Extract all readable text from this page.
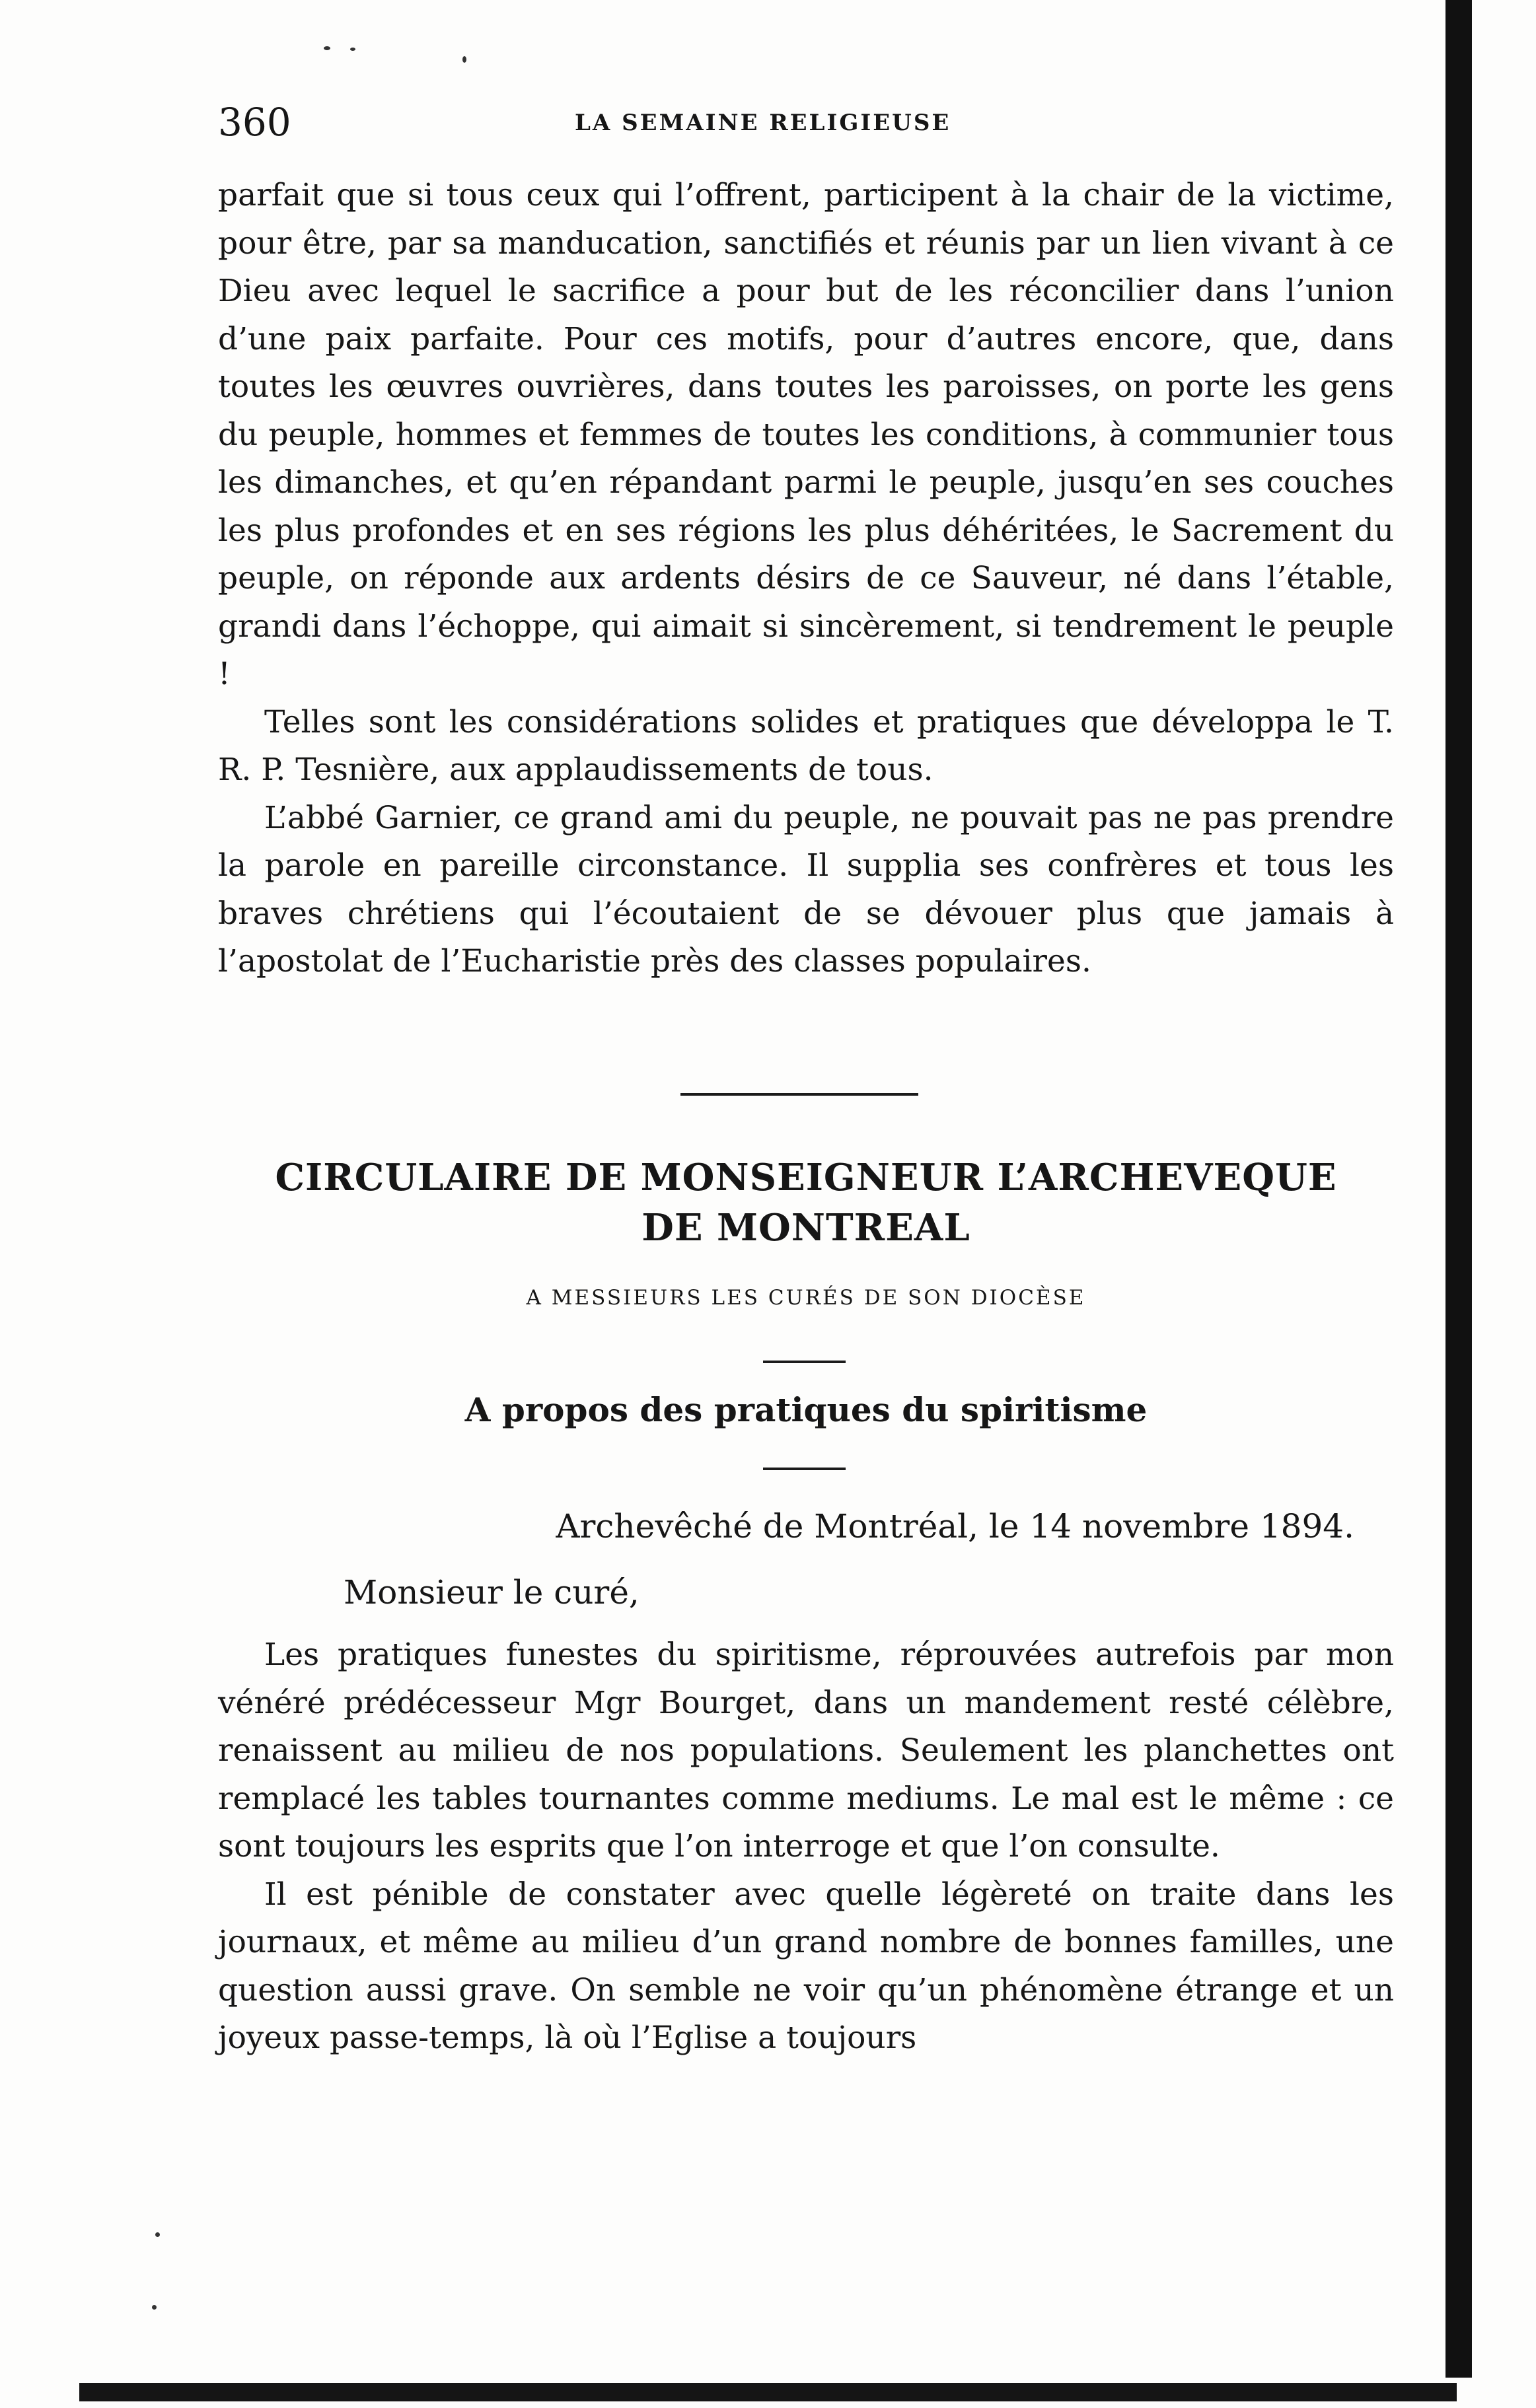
360	LA SEMAINE RELIGIEUSE

parfait que si tous ceux qui l’offrent, participent à la chair de la victime, pour être, par sa manducation, sanctifiés et réunis par un lien vivant à ce Dieu avec lequel le sacrifice a pour but de les réconcilier dans l’union d’une paix parfaite. Pour ces motifs, pour d’autres encore, que, dans toutes les œuvres ouvrières, dans toutes les paroisses, on porte les gens du peuple, hommes et femmes de toutes les conditions, à communier tous les dimanches, et qu’en répandant parmi le peuple, jusqu’en ses couches les plus profondes et en ses régions les plus déhéritées, le Sacrement du peuple, on réponde aux ardents désirs de ce Sauveur, né dans l’étable, grandi dans l’échoppe, qui aimait si sincèrement, si tendrement le peuple !

Telles sont les considérations solides et pratiques que développa le T. R. P. Tesnière, aux applaudissements de tous.

L’abbé Garnier, ce grand ami du peuple, ne pouvait pas ne pas prendre la parole en pareille circonstance. Il supplia ses confrères et tous les braves chrétiens qui l’écoutaient de se dévouer plus que jamais à l’apostolat de l’Eucharistie près des classes populaires.

CIRCULAIRE DE MONSEIGNEUR L’ARCHEVEQUE
DE MONTREAL
A MESSIEURS LES CURÉS DE SON DIOCÈSE
A propos des pratiques du spiritisme
Archevêché de Montréal, le 14 novembre 1894.
Monsieur le curé,

Les pratiques funestes du spiritisme, réprouvées autrefois par mon vénéré prédécesseur Mgr Bourget, dans un mandement resté célèbre, renaissent au milieu de nos populations. Seulement les planchettes ont remplacé les tables tournantes comme mediums. Le mal est le même : ce sont toujours les esprits que l’on interroge et que l’on consulte.

Il est pénible de constater avec quelle légèreté on traite dans les journaux, et même au milieu d’un grand nombre de bonnes familles, une question aussi grave. On semble ne voir qu’un phénomène étrange et un joyeux passe-temps, là où l’Eglise a toujours
